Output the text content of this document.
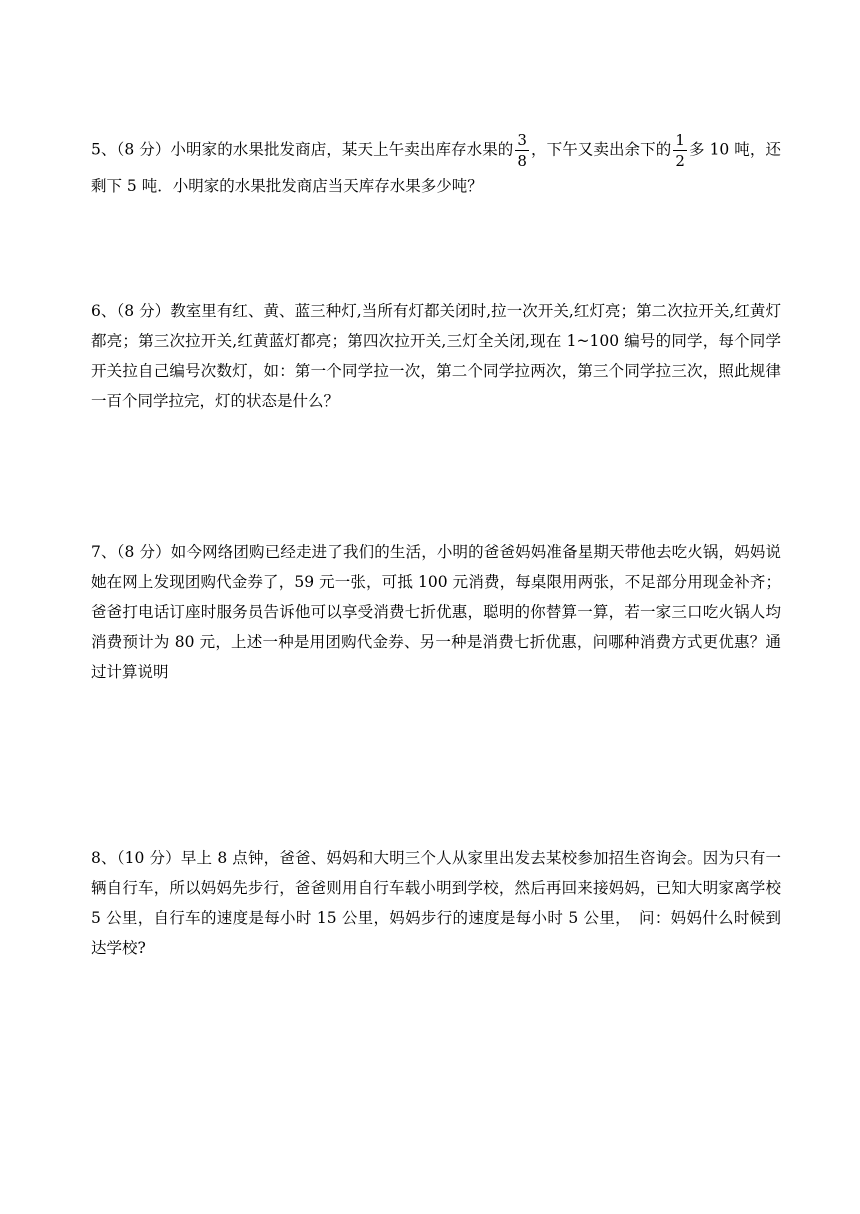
5、（8 分）小明家的水果批发商店，某天上午卖出库存水果的 $\frac{3}{8}$ ，下午又卖出余下的 $\frac{1}{2}$ 多 10 吨，还剩下 5 吨．小明家的水果批发商店当天库存水果多少吨？
6、（8 分）教室里有红、黄、蓝三种灯,当所有灯都关闭时,拉一次开关,红灯亮；第二次拉开关,红黄灯都亮；第三次拉开关,红黄蓝灯都亮；第四次拉开关,三灯全关闭,现在 1~100 编号的同学，每个同学开关拉自己编号次数灯，如：第一个同学拉一次，第二个同学拉两次，第三个同学拉三次，照此规律一百个同学拉完，灯的状态是什么？
7、（8 分）如今网络团购已经走进了我们的生活，小明的爸爸妈妈准备星期天带他去吃火锅，妈妈说她在网上发现团购代金券了，59 元一张，可抵 100 元消费，每桌限用两张，不足部分用现金补齐；爸爸打电话订座时服务员告诉他可以享受消费七折优惠，聪明的你替算一算，若一家三口吃火锅人均消费预计为 80 元，上述一种是用团购代金券、另一种是消费七折优惠，问哪种消费方式更优惠？通过计算说明
8、（10 分）早上 8 点钟，爸爸、妈妈和大明三个人从家里出发去某校参加招生咨询会。因为只有一辆自行车，所以妈妈先步行，爸爸则用自行车载小明到学校，然后再回来接妈妈，已知大明家离学校 5 公里，自行车的速度是每小时 15 公里，妈妈步行的速度是每小时 5 公里，　问：妈妈什么时候到达学校?
